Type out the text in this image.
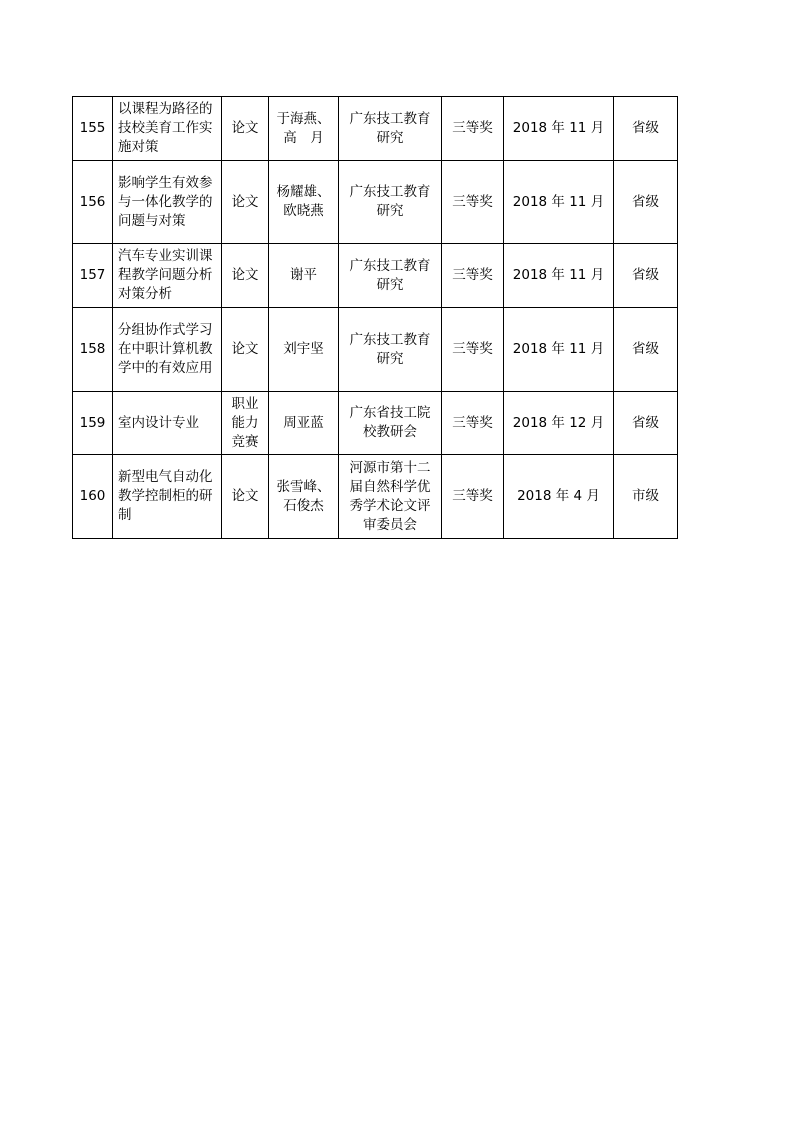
155	以课程为路径的技校美育工作实施对策	论文	于海燕、 高　月	广东技工教育研究	三等奖	2018 年 11 月	省级
156	影响学生有效参与一体化教学的问题与对策	论文	杨耀雄、欧晓燕	广东技工教育研究	三等奖	2018 年 11 月	省级
157	汽车专业实训课程教学问题分析对策分析	论文	谢平	广东技工教育研究	三等奖	2018 年 11 月	省级
158	分组协作式学习在中职计算机教学中的有效应用	论文	刘宇坚	广东技工教育研究	三等奖	2018 年 11 月	省级
159	室内设计专业	职业能力竞赛	周亚蓝	广东省技工院校教研会	三等奖	2018 年 12 月	省级
160	新型电气自动化教学控制柜的研制	论文	张雪峰、 石俊杰	河源市第十二届自然科学优秀学术论文评审委员会	三等奖	2018 年 4 月	市级
